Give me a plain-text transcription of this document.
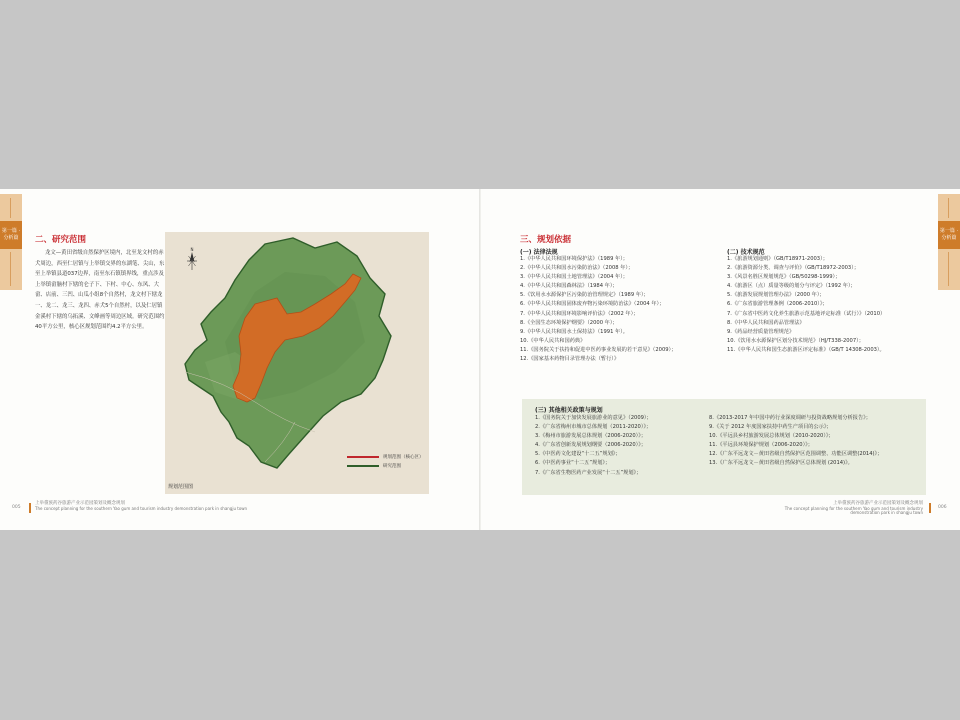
第一篇 · 分析篇	二、研究范围
龙文—黄田省级自然保护区境内，北至龙文村的赤犬周边，西至仁居镇与上举镇交界的东湖笔、尖山，东至上举镇县道037边界，南至东石镇镇界线，重点涉及上举镇畲脑村下辖的仑子下、下村、中心、东风、大畲、店前、三凹、山瓜小组8个自然村，龙文村下辖龙一、龙二、龙三、龙四、赤犬5个自然村，以及仁居镇金溪村下辖的乌拓溪、文峰画等周边区域。研究范围约40平方公里，核心区规划范围约4.2平方公里。
N
规划范围图
规划范围（核心区）
研究范围
005
上举畲族药谷旅游产业示范园策划及概念规划
The concept planning for the southern Yao gum and tourism industry demonstration park in shangju town
第一篇 · 分析篇
三、规划依据
(一) 法律法规
1.《中华人民共和国环境保护法》（1989 年）；
2.《中华人民共和国水污染防治法》（2008 年）；
3.《中华人民共和国土地管理法》（2004 年）；
4.《中华人民共和国森林法》（1984 年）；
5.《饮用水水源保护区污染防治管理规定》（1989 年）；
6.《中华人民共和国固体废弃物污染环境防治法》（2004 年）；
7.《中华人民共和国环境影响评价法》（2002 年）；
8.《全国生态环境保护纲要》（2000 年）；
9.《中华人民共和国水土保持法》（1991 年）。
10.《中华人民共和国药典》
11.《国务院关于扶持和促进中医药事业发展的若干意见》（2009）；
12.《国家基本药物目录管理办法（暂行）》
(二) 技术规范
1.《旅游规划通则》（GB/T18971-2003）；
2.《旅游资源分类、调查与评价》（GB/T18972-2003）；
3.《风景名胜区规划规范》（GB/50298-1999）；
4.《旅游区（点）质量等级的划分与评定》（1992 年）；
5.《旅游发展规划管理办法》（2000 年）；
6.《广东省旅游管理条例（2006-2010）》；
7.《广东省中医药文化养生旅游示范基地评定标准（试行）》（2010）
8.《中华人民共和国药品管理法》
9.《药品经营质量管理规范》
10.《饮用水水源保护区划分技术规范》（HJ/T338-2007）；
11.《中华人民共和国生态旅游区评定标准》（GB/T 14308-2003）。
(三) 其他相关政策与规划
1.《国务院关于加快发展旅游业的意见》（2009）；
2.《广东省梅州市城市总体规划（2011-2020）》；
3.《梅州市旅游发展总体规划（2006-2020）》；
4.《广东省创新发展规划纲要（2006-2020）》；
5.《中医药文化建设“十二五”规划》；
6.《中医药事业“十二五”规划》；
7.《广东省生物医药产业发展“十二五”规划》；
8.《2013-2017 年中国中药行业深度调研与投资战略规划分析报告》；
9.《关于 2012 年度国家扶持中药生产项目的公示》；
10.《平远县乡村旅游发展总体规划（2010-2020）》；
11.《平远县环境保护规划（2006-2020）》；
12.《广东平远龙文－黄田省级自然保护区范围调整、功能区调整(2014)》；
13.《广东平远龙文－黄田省级自然保护区总体规划 (2014)》。
006
上举畲族药谷旅游产业示范园策划及概念规划
The concept planning for the southern Yao gum and tourism industry demonstration park in shangju town
